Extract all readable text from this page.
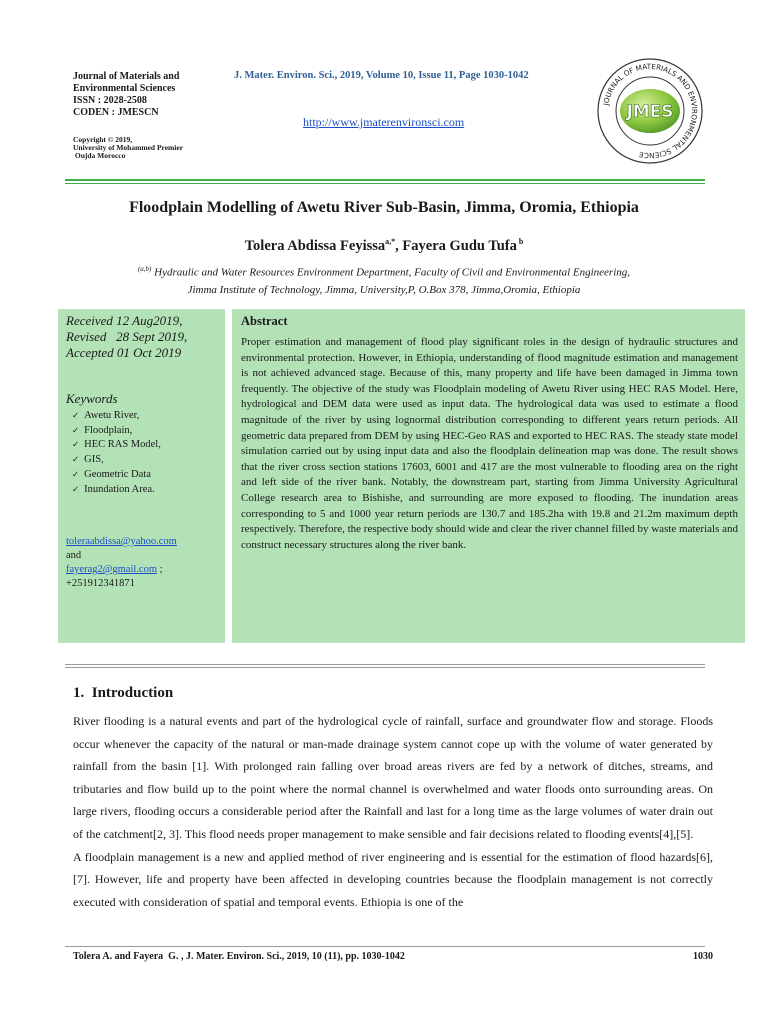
Journal of Materials and
Environmental Sciences
ISSN : 2028-2508
CODEN : JMESCN
Copyright © 2019,
University of Mohammed Premier
Oujda Morocco
J. Mater. Environ. Sci., 2019, Volume 10, Issue 11, Page 1030-1042
http://www.jmaterenvironsci.com
JOURNAL OF MATERIALS AND ENVIRONMENTAL SCIENCE
JMES
Floodplain Modelling of Awetu River Sub-Basin, Jimma, Oromia, Ethiopia
Tolera Abdissa Feyissa$^{a,*}$, Fayera Gudu Tufa $^b$
$^{(a,b)}$ Hydraulic and Water Resources Environment Department, Faculty of Civil and Environmental Engineering,
Jimma Institute of Technology, Jimma, University,P, O.Box 378, Jimma,Oromia, Ethiopia
Received 12 Aug2019,
Revised   28 Sept 2019,
Accepted 01 Oct 2019
Keywords
✓ Awetu River,
✓ Floodplain,
✓ HEC RAS Model,
✓ GIS,
✓ Geometric Data
✓ Inundation Area.
toleraabdissa@yahoo.com
and
fayerag2@gmail.com ;
+251912341871
Abstract
Proper estimation and management of flood play significant roles in the design of hydraulic structures and environmental protection. However, in Ethiopia, understanding of flood magnitude estimation and management is not achieved advanced stage. Because of this, many property and life have been damaged in Jimma town frequently. The objective of the study was Floodplain modeling of Awetu River using HEC RAS Model. Here, hydrological and DEM data were used as input data. The hydrological data was used to estimate a flood magnitude of the river by using lognormal distribution corresponding to different years return periods. All geometric data prepared from DEM by using HEC-Geo RAS and exported to HEC RAS. The steady state model simulation carried out by using input data and also the floodplain delineation map was done. The result shows that the river cross section stations 17603, 6001 and 417 are the most vulnerable to flooding area on the right and left side of the river bank. Notably, the downstream part, starting from Jimma University Agricultural College research area to Bishishe, and surrounding are more exposed to flooding. The inundation areas corresponding to 5 and 1000 year return periods are 130.7 and 185.2ha with 19.8 and 21.2m maximum depth respectively. Therefore, the respective body should wide and clear the river channel filled by waste materials and construct necessary structures along the river bank.
1.  Introduction

River flooding is a natural events and part of the hydrological cycle of rainfall, surface and groundwater flow and storage. Floods occur whenever the capacity of the natural or man-made drainage system cannot cope up with the volume of water generated by rainfall from the basin [1]. With prolonged rain falling over broad areas rivers are fed by a network of ditches, streams, and tributaries and flow build up to the point where the normal channel is overwhelmed and water floods onto surrounding areas. On large rivers, flooding occurs a considerable period after the Rainfall and last for a long time as the large volumes of water drain out of the catchment[2, 3]. This flood needs proper management to make sensible and fair decisions related to flooding events[4],[5].

A floodplain management is a new and applied method of river engineering and is essential for the estimation of flood hazards[6],[7]. However, life and property have been affected in developing countries because the floodplain management is not correctly executed with consideration of spatial and temporal events. Ethiopia is one of the

Tolera A. and Fayera  G. , J. Mater. Environ. Sci., 2019, 10 (11), pp. 1030-1042	1030
